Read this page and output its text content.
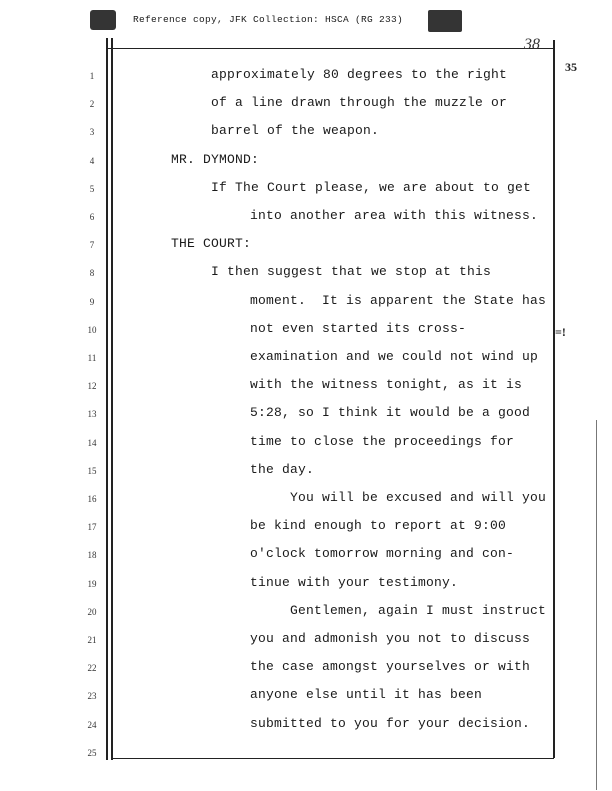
Reference copy, JFK Collection: HSCA (RG 233)
38
35
=!
1
2
3
4
5
6
7
8
9
10
11
12
13
14
15
16
17
18
19
20
21
22
23
24
25
approximately 80 degrees to the right
of a line drawn through the muzzle or
barrel of the weapon.
MR. DYMOND:
If The Court please, we are about to get
into another area with this witness.
THE COURT:
I then suggest that we stop at this
moment.  It is apparent the State has
not even started its cross-
examination and we could not wind up
with the witness tonight, as it is
5:28, so I think it would be a good
time to close the proceedings for
the day.
You will be excused and will you
be kind enough to report at 9:00
o'clock tomorrow morning and con-
tinue with your testimony.
Gentlemen, again I must instruct
you and admonish you not to discuss
the case amongst yourselves or with
anyone else until it has been
submitted to you for your decision.
